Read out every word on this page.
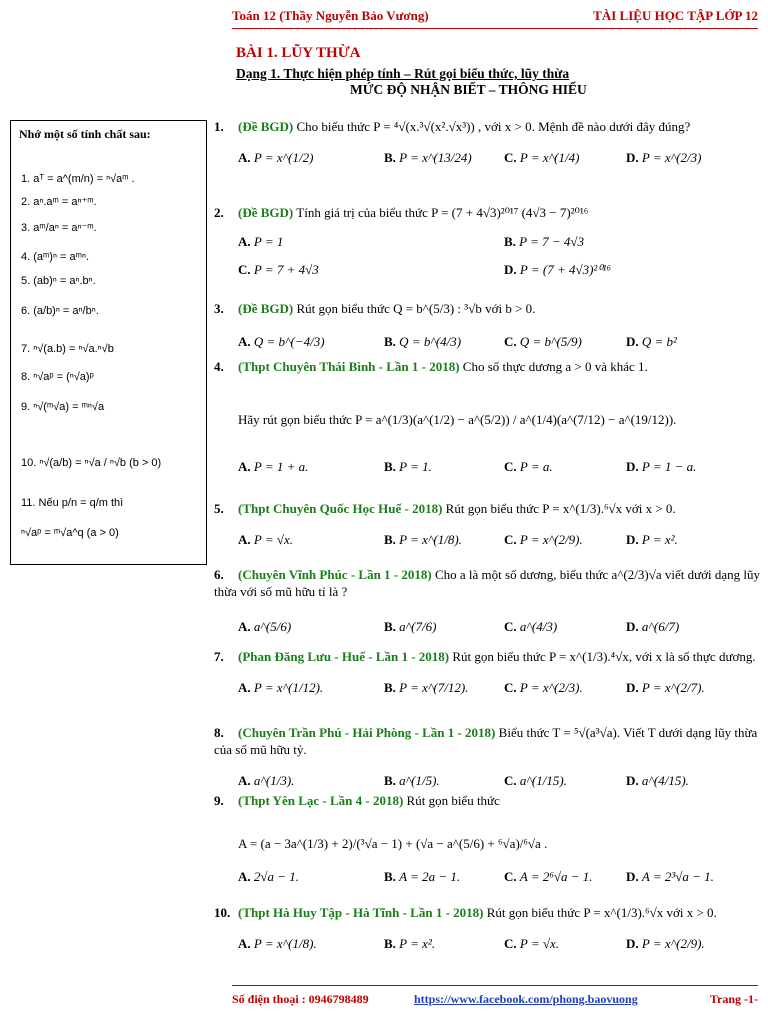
Toán 12 (Thầy Nguyễn Bảo Vương)	TÀI LIỆU HỌC TẬP LỚP 12
BÀI 1. LŨY THỪA
Dạng 1. Thực hiện phép tính – Rút gọi biểu thức, lũy thừa
MỨC ĐỘ NHẬN BIẾT – THÔNG HIỂU
Nhớ một số tính chất sau:
1. aᵀ = a^(m/n) = ⁿ√aᵐ .
2. aⁿ.aᵐ = aⁿ⁺ᵐ.
3. aᵐ/aⁿ = aⁿ⁻ᵐ.
4. (aᵐ)ⁿ = aᵐⁿ.
5. (ab)ⁿ = aⁿ.bⁿ.
6. (a/b)ⁿ = aⁿ/bⁿ.
7. ⁿ√(a.b) = ⁿ√a.ⁿ√b
8. ⁿ√aᵖ = (ⁿ√a)ᵖ
9. ⁿ√(ᵐ√a) = ᵐⁿ√a
10. ⁿ√(a/b) = ⁿ√a / ⁿ√b (b > 0)
11. Nếu p/n = q/m thì
ⁿ√aᵖ = ᵐ√a^q (a > 0)
1. (Đề BGD) Cho biểu thức P = ⁴√(x.³√(x².√x³)) , với x > 0. Mệnh đề nào dưới đây đúng?
A. P = x^(1/2)	B. P = x^(13/24) C. P = x^(1/4)	D. P = x^(2/3)
2. (Đề BGD) Tính giá trị của biểu thức P = (7 + 4√3)²⁰¹⁷ (4√3 − 7)²⁰¹⁶
A. P = 1	B. P = 7 − 4√3
C. P = 7 + 4√3	D. P = (7 + 4√3)²⁰¹⁶
3. (Đề BGD) Rút gọn biểu thức Q = b^(5/3) : ³√b với b > 0.
A. Q = b^(−4/3)	B. Q = b^(4/3)	C. Q = b^(5/9)	D. Q = b²
4. (Thpt Chuyên Thái Bình - Lần 1 - 2018) Cho số thực dương a > 0 và khác 1.
Hãy rút gọn biểu thức P = a^(1/3)(a^(1/2) − a^(5/2)) / a^(1/4)(a^(7/12) − a^(19/12)).
A. P = 1 + a.	B. P = 1.	C. P = a.	D. P = 1 − a.
5. (Thpt Chuyên Quốc Học Huế - 2018) Rút gọn biểu thức P = x^(1/3).⁶√x với x > 0.
A. P = √x.	B. P = x^(1/8).	C. P = x^(2/9).	D. P = x².
6. (Chuyên Vĩnh Phúc - Lần 1 - 2018) Cho a là một số dương, biểu thức a^(2/3)√a viết dưới dạng lũy thừa với số mũ hữu tỉ là ?
A. a^(5/6)	B. a^(7/6)	C. a^(4/3)	D. a^(6/7)
7. (Phan Đăng Lưu - Huế - Lần 1 - 2018) Rút gọn biểu thức P = x^(1/3).⁴√x, với x là số thực dương.
A. P = x^(1/12).	B. P = x^(7/12).	C. P = x^(2/3).	D. P = x^(2/7).
8. (Chuyên Trần Phú - Hải Phòng - Lần 1 - 2018) Biểu thức T = ⁵√(a³√a). Viết T dưới dạng lũy thừa của số mũ hữu tỷ.
A. a^(1/3).	B. a^(1/5).	C. a^(1/15).	D. a^(4/15).
9. (Thpt Yên Lạc - Lần 4 - 2018) Rút gọn biểu thức
A = (a − 3a^(1/3) + 2)/(³√a − 1) + (√a − a^(5/6) + ⁶√a)/⁶√a .
A. 2√a − 1.	B. A = 2a − 1.	C. A = 2⁶√a − 1.	D. A = 2³√a − 1.
10. (Thpt Hà Huy Tập - Hà Tĩnh - Lần 1 - 2018) Rút gọn biểu thức P = x^(1/3).⁶√x với x > 0.
A. P = x^(1/8).	B. P = x².	C. P = √x.	D. P = x^(2/9).
Số điện thoại : 0946798489	https://www.facebook.com/phong.baovuong	Trang -1-
